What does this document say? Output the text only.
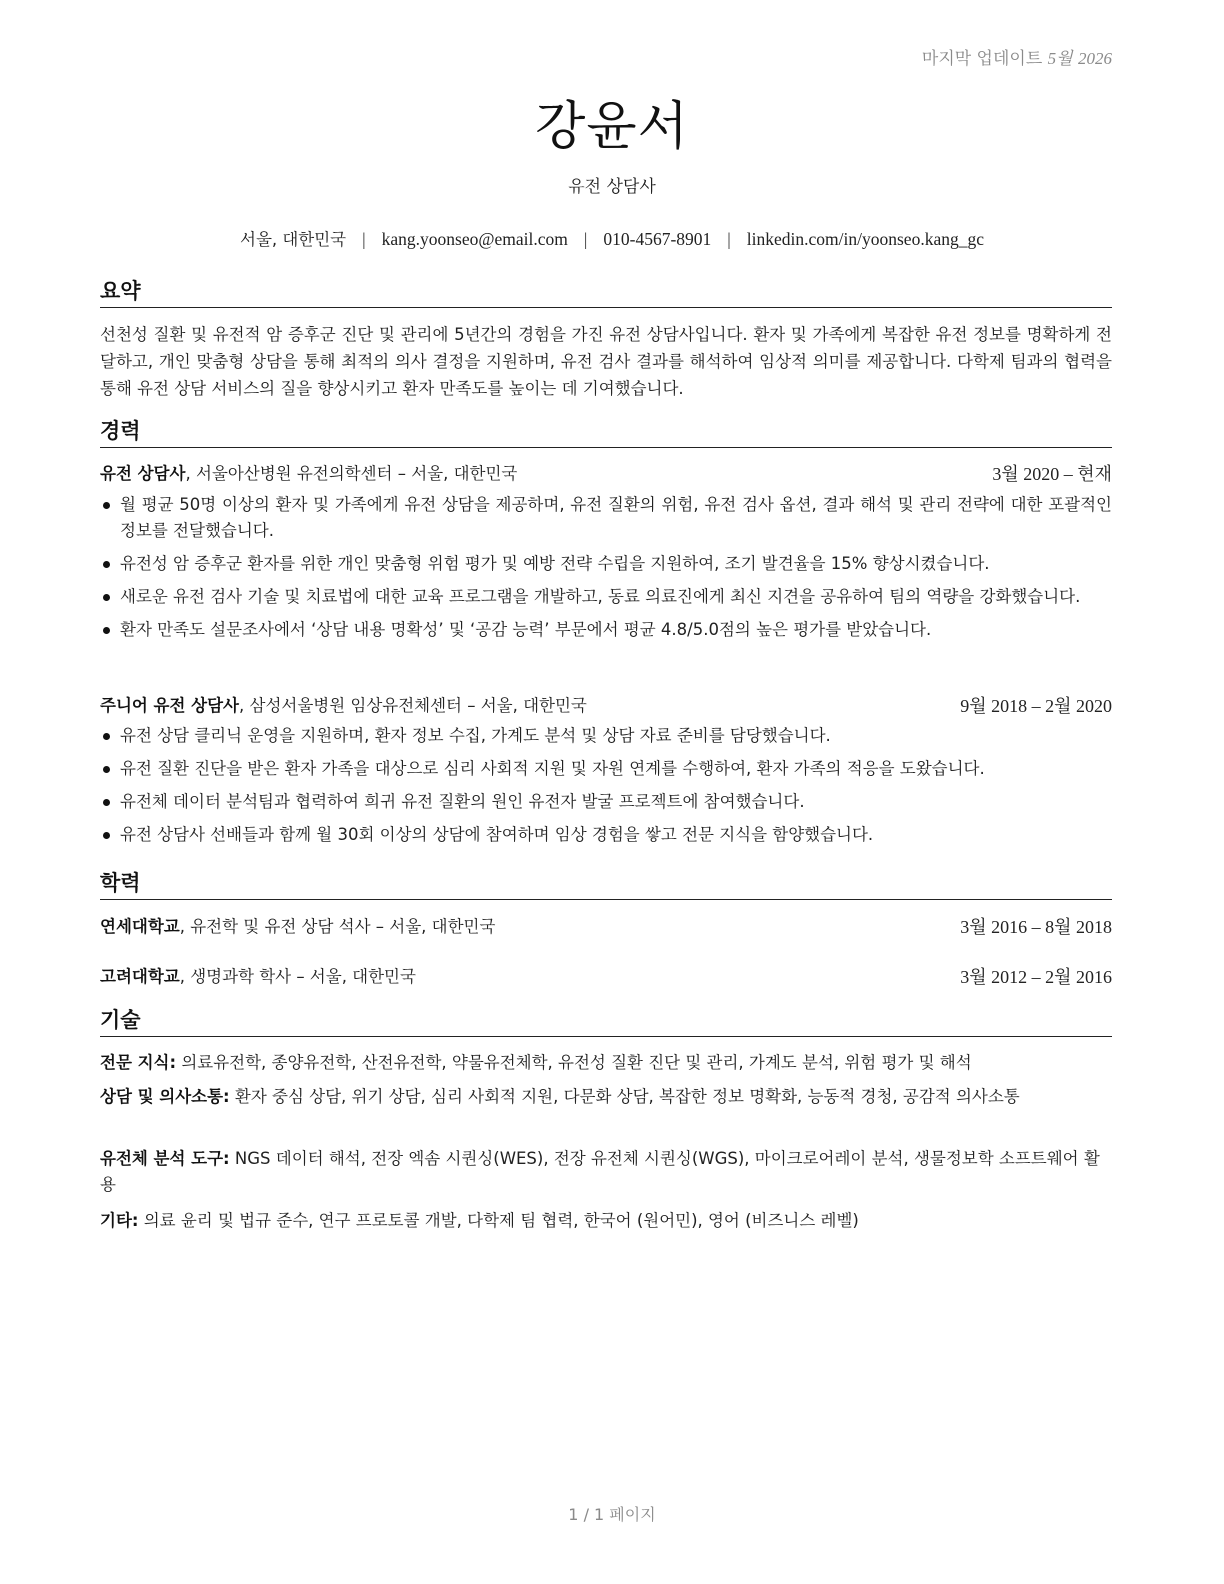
마지막 업데이트 5월 2026
강윤서
유전 상담사
서울, 대한민국 | kang.yoonseo@email.com | 010-4567-8901 | linkedin.com/in/yoonseo.kang_gc
요약
선천성 질환 및 유전적 암 증후군 진단 및 관리에 5년간의 경험을 가진 유전 상담사입니다. 환자 및 가족에게 복잡한 유전 정보를 명확하게 전달하고, 개인 맞춤형 상담을 통해 최적의 의사 결정을 지원하며, 유전 검사 결과를 해석하여 임상적 의미를 제공합니다. 다학제 팀과의 협력을 통해 유전 상담 서비스의 질을 향상시키고 환자 만족도를 높이는 데 기여했습니다.
경력
유전 상담사, 서울아산병원 유전의학센터 – 서울, 대한민국	3월 2020 – 현재
월 평균 50명 이상의 환자 및 가족에게 유전 상담을 제공하며, 유전 질환의 위험, 유전 검사 옵션, 결과 해석 및 관리 전략에 대한 포괄적인 정보를 전달했습니다.
유전성 암 증후군 환자를 위한 개인 맞춤형 위험 평가 및 예방 전략 수립을 지원하여, 조기 발견율을 15% 향상시켰습니다.
새로운 유전 검사 기술 및 치료법에 대한 교육 프로그램을 개발하고, 동료 의료진에게 최신 지견을 공유하여 팀의 역량을 강화했습니다.
환자 만족도 설문조사에서 ‘상담 내용 명확성’ 및 ‘공감 능력’ 부문에서 평균 4.8/5.0점의 높은 평가를 받았습니다.
주니어 유전 상담사, 삼성서울병원 임상유전체센터 – 서울, 대한민국	9월 2018 – 2월 2020
유전 상담 클리닉 운영을 지원하며, 환자 정보 수집, 가계도 분석 및 상담 자료 준비를 담당했습니다.
유전 질환 진단을 받은 환자 가족을 대상으로 심리 사회적 지원 및 자원 연계를 수행하여, 환자 가족의 적응을 도왔습니다.
유전체 데이터 분석팀과 협력하여 희귀 유전 질환의 원인 유전자 발굴 프로젝트에 참여했습니다.
유전 상담사 선배들과 함께 월 30회 이상의 상담에 참여하며 임상 경험을 쌓고 전문 지식을 함양했습니다.
학력
연세대학교, 유전학 및 유전 상담 석사 – 서울, 대한민국	3월 2016 – 8월 2018
고려대학교, 생명과학 학사 – 서울, 대한민국	3월 2012 – 2월 2016
기술
전문 지식: 의료유전학, 종양유전학, 산전유전학, 약물유전체학, 유전성 질환 진단 및 관리, 가계도 분석, 위험 평가 및 해석
상담 및 의사소통: 환자 중심 상담, 위기 상담, 심리 사회적 지원, 다문화 상담, 복잡한 정보 명확화, 능동적 경청, 공감적 의사소통
유전체 분석 도구: NGS 데이터 해석, 전장 엑솜 시퀀싱(WES), 전장 유전체 시퀀싱(WGS), 마이크로어레이 분석, 생물정보학 소프트웨어 활용
기타: 의료 윤리 및 법규 준수, 연구 프로토콜 개발, 다학제 팀 협력, 한국어 (원어민), 영어 (비즈니스 레벨)
1 / 1 페이지
